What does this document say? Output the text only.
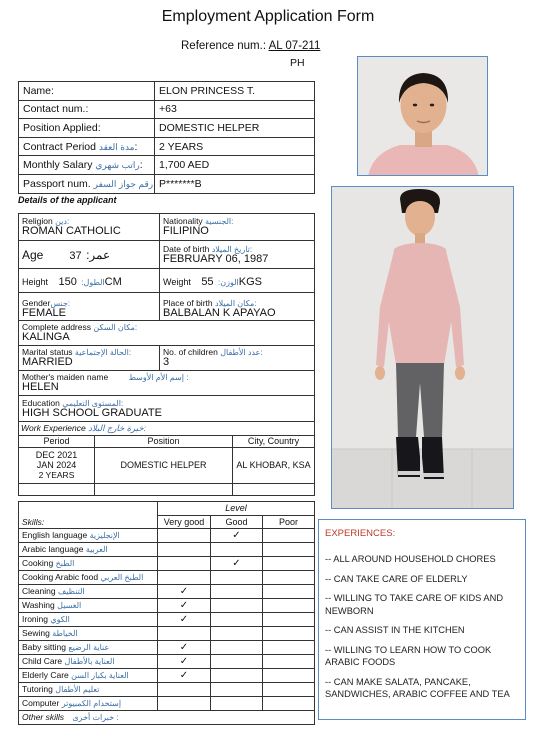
Employment Application Form
Reference num.: AL 07-211
PH
Name:	ELON PRINCESS T.
Contact num.:	+63
Position Applied:	DOMESTIC HELPER
Contract Period مدة العقد:	2 YEARS
Monthly Salary راتب شهري:	1,700 AED
Passport num. رقم جواز السفر	P*******B
Details of the applicant
Religion دين:
ROMAN CATHOLIC	Nationality الجنسية:
FILIPINO

Age عمر: 37	Date of birth تاريخ الميلاد:
FEBRUARY 06, 1987

Height الطول: 150CM	Weight الوزن: 55KGS

Genderجنس:
FEMALE	Place of birth مكان الميلاد:
BALBALAN K APAYAO

Complete address مكان السكن:
KALINGA	

Marital status الحالة الإجتماعية:
MARRIED	No. of children عدد الأطفال:
3

Mother's maiden name إسم الأم الأوسط :
HELEN	

Education المستوى التعليمي:
HIGH SCHOOL GRADUATE	
Work Experience خبرة خارج البلاد:		
Period	Position	City, Country

DEC 2021
JAN 2024
2 YEARS	DOMESTIC HELPER	AL KHOBAR, KSA

Skills:	Level		
	Very good	Good	Poor
English language الإنجليزية		✓	
Arabic language العربية			
Cooking الطبخ		✓	
Cooking Arabic food الطبخ العربي			
Cleaning التنظيف	✓		
Washing الغسيل	✓		
Ironing الكوي	✓		
Sewing الخياطة			
Baby sitting عناية الرضيع	✓		
Child Care العناية بالأطفال	✓		
Elderly Care العناية بكبار السن	✓		
Tutoring تعليم الأطفال			
Computer إستخدام الكمبيوتر			
Other skills خبرات أخرى :			
EXPERIENCES:
-- ALL AROUND HOUSEHOLD CHORES
-- CAN TAKE CARE OF ELDERLY
-- WILLING TO TAKE CARE OF KIDS AND NEWBORN
-- CAN ASSIST IN THE KITCHEN
-- WILLING TO LEARN HOW TO COOK ARABIC FOODS
-- CAN MAKE SALATA, PANCAKE, SANDWICHES, ARABIC COFFEE AND TEA
